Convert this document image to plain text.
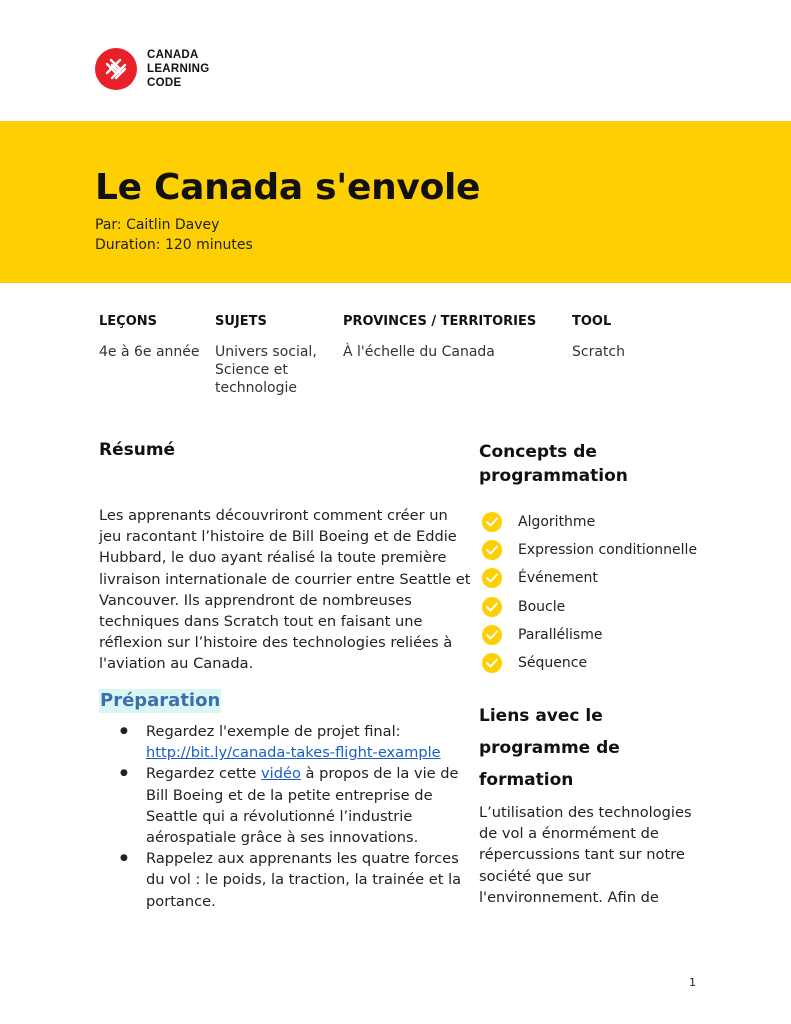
CANADA
LEARNING
CODE
Le Canada s'envole
Par: Caitlin Davey
Duration: 120 minutes
LEÇONS
4e à 6e année
SUJETS
Univers social, Science et technologie
PROVINCES / TERRITORIES
À l'échelle du Canada
TOOL
Scratch
Résumé

Les apprenants découvriront comment créer un jeu racontant l’histoire de Bill Boeing et de Eddie Hubbard, le duo ayant réalisé la toute première livraison internationale de courrier entre Seattle et Vancouver. Ils apprendront de nombreuses techniques dans Scratch tout en faisant une réflexion sur l’histoire des technologies reliées à l'aviation au Canada.

Préparation
● Regardez l'exemple de projet final:
http://bit.ly/canada-takes-flight-example
● Regardez cette vidéo à propos de la vie de Bill Boeing et de la petite entreprise de Seattle qui a révolutionné l’industrie aérospatiale grâce à ses innovations.
● Rappelez aux apprenants les quatre forces du vol : le poids, la traction, la trainée et la portance.
Concepts de programmation
Algorithme
Expression conditionnelle
Événement
Boucle
Parallélisme
Séquence
Liens avec le programme de formation

L’utilisation des technologies de vol a énormément de répercussions tant sur notre société que sur l'environnement. Afin de

1
